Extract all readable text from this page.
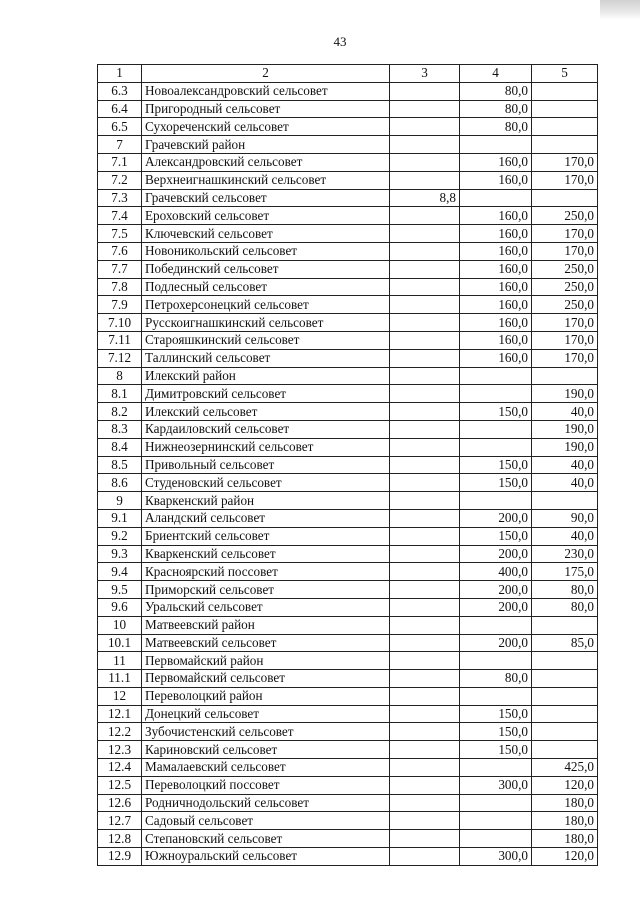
43
1	2	3	4	5
6.3	Новоалександровский сельсовет		80,0	
6.4	Пригородный сельсовет		80,0	
6.5	Сухореченский сельсовет		80,0	
7	Грачевский район			
7.1	Александровский сельсовет		160,0	170,0
7.2	Верхнеигнашкинский сельсовет		160,0	170,0
7.3	Грачевский сельсовет	8,8		
7.4	Ероховский сельсовет		160,0	250,0
7.5	Ключевский сельсовет		160,0	170,0
7.6	Новоникольский сельсовет		160,0	170,0
7.7	Побединский сельсовет		160,0	250,0
7.8	Подлесный сельсовет		160,0	250,0
7.9	Петрохерсонецкий сельсовет		160,0	250,0
7.10	Русскоигнашкинский сельсовет		160,0	170,0
7.11	Старояшкинский сельсовет		160,0	170,0
7.12	Таллинский сельсовет		160,0	170,0
8	Илекский район			
8.1	Димитровский сельсовет			190,0
8.2	Илекский сельсовет		150,0	40,0
8.3	Кардаиловский сельсовет			190,0
8.4	Нижнеозернинский сельсовет			190,0
8.5	Привольный сельсовет		150,0	40,0
8.6	Студеновский сельсовет		150,0	40,0
9	Кваркенский район			
9.1	Аландский сельсовет		200,0	90,0
9.2	Бриентский сельсовет		150,0	40,0
9.3	Кваркенский сельсовет		200,0	230,0
9.4	Красноярский поссовет		400,0	175,0
9.5	Приморский сельсовет		200,0	80,0
9.6	Уральский сельсовет		200,0	80,0
10	Матвеевский район			
10.1	Матвеевский сельсовет		200,0	85,0
11	Первомайский район			
11.1	Первомайский сельсовет		80,0	
12	Переволоцкий район			
12.1	Донецкий сельсовет		150,0	
12.2	Зубочистенский сельсовет		150,0	
12.3	Кариновский сельсовет		150,0	
12.4	Мамалаевский сельсовет			425,0
12.5	Переволоцкий поссовет		300,0	120,0
12.6	Родничнодольский сельсовет			180,0
12.7	Садовый сельсовет			180,0
12.8	Степановский сельсовет			180,0
12.9	Южноуральский сельсовет		300,0	120,0
